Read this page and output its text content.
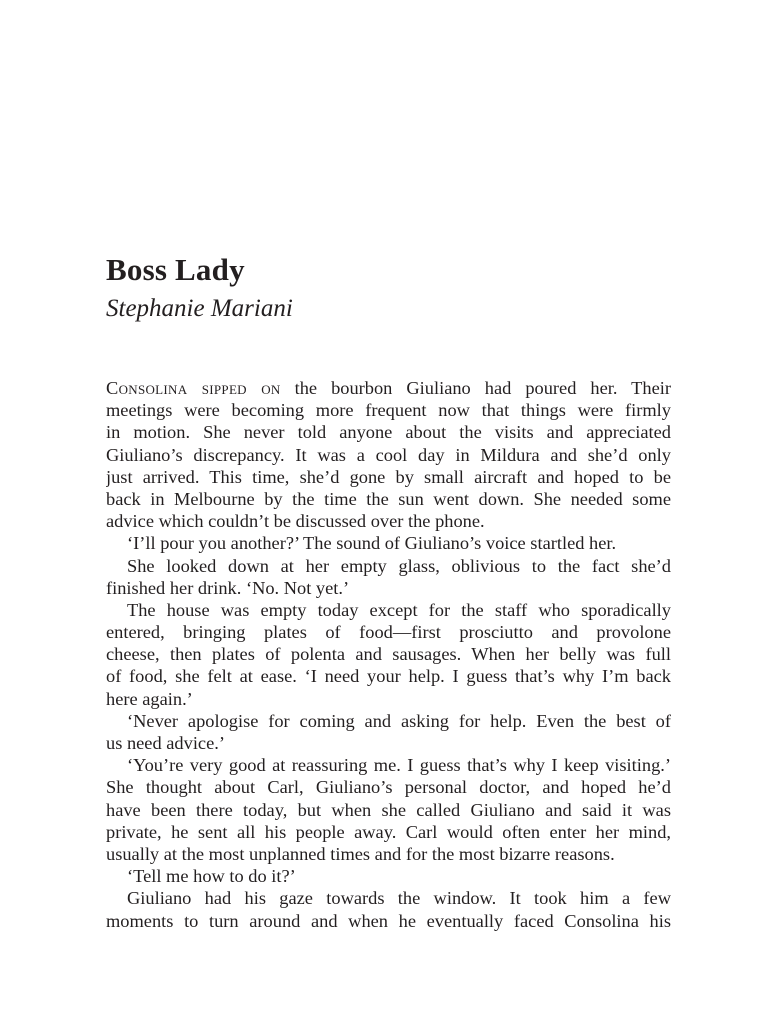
Boss Lady
Stephanie Mariani
Consolina sipped on the bourbon Giuliano had poured her. Their
meetings were becoming more frequent now that things were firmly
in motion. She never told anyone about the visits and appreciated
Giuliano’s discrepancy. It was a cool day in Mildura and she’d only
just arrived. This time, she’d gone by small aircraft and hoped to be
back in Melbourne by the time the sun went down. She needed some
advice which couldn’t be discussed over the phone.
‘I’ll pour you another?’ The sound of Giuliano’s voice startled her.
She looked down at her empty glass, oblivious to the fact she’d
finished her drink. ‘No. Not yet.’
The house was empty today except for the staff who sporadically
entered, bringing plates of food—first prosciutto and provolone
cheese, then plates of polenta and sausages. When her belly was full
of food, she felt at ease. ‘I need your help. I guess that’s why I’m back
here again.’
‘Never apologise for coming and asking for help. Even the best of
us need advice.’
‘You’re very good at reassuring me. I guess that’s why I keep visiting.’
She thought about Carl, Giuliano’s personal doctor, and hoped he’d
have been there today, but when she called Giuliano and said it was
private, he sent all his people away. Carl would often enter her mind,
usually at the most unplanned times and for the most bizarre reasons.
‘Tell me how to do it?’
Giuliano had his gaze towards the window. It took him a few
moments to turn around and when he eventually faced Consolina his
